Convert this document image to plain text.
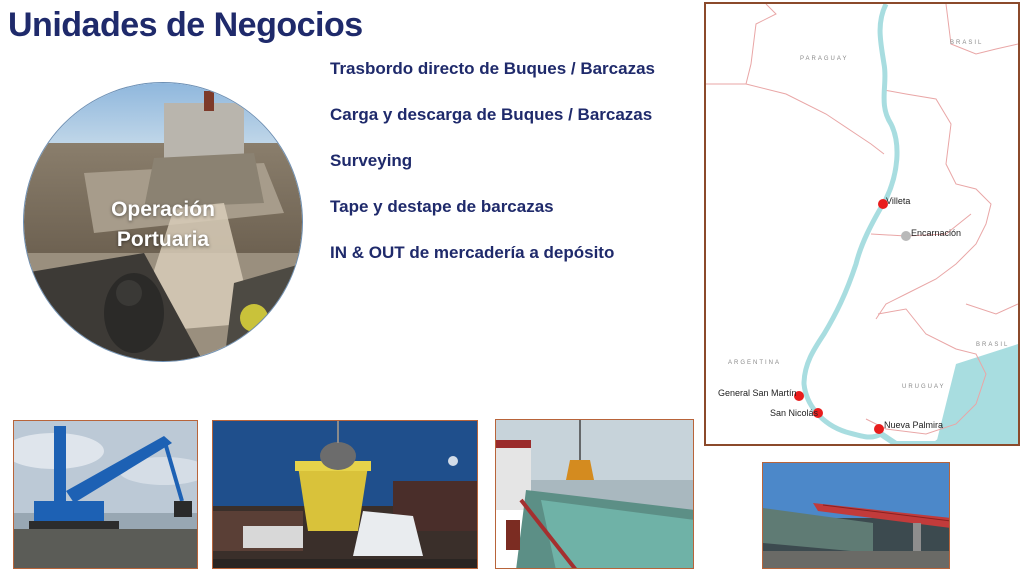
Unidades de Negocios
Trasbordo directo de Buques / Barcazas
Carga y descarga de Buques / Barcazas
Surveying
Tape y destape de barcazas
IN & OUT de mercadería a depósito
Operación
Portuaria
PARAGUAY
BRASIL
BRASIL
ARGENTINA
URUGUAY
Villeta
Encarnación
General San Martín
San Nicolás
Nueva Palmira
